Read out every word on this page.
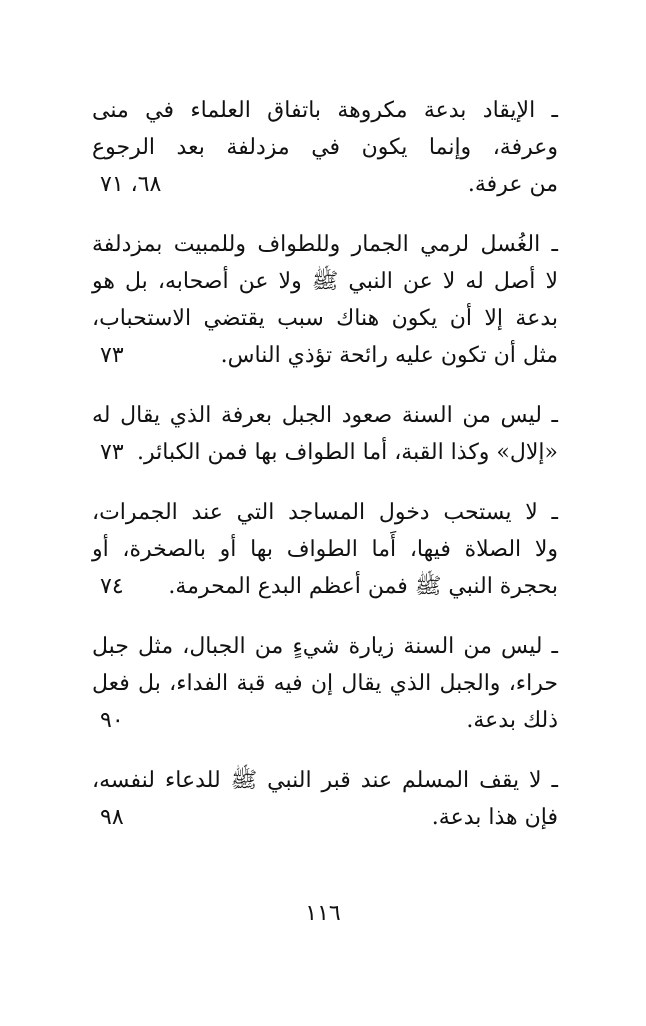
ـ الإيقاد بدعة مكروهة باتفاق العلماء في منى
وعرفة، وإنما يكون في مزدلفة بعد الرجوع
من عرفة.
٦٨، ٧١
ـ الغُسل لرمي الجمار وللطواف وللمبيت بمزدلفة
لا أصل له لا عن النبي ﷺ ولا عن أصحابه، بل هو
بدعة إلا أن يكون هناك سبب يقتضي الاستحباب،
مثل أن تكون عليه رائحة تؤذي الناس.
٧٣
ـ ليس من السنة صعود الجبل بعرفة الذي يقال له
«إلال» وكذا القبة، أما الطواف بها فمن الكبائر.
٧٣
ـ لا يستحب دخول المساجد التي عند الجمرات،
ولا الصلاة فيها، أَما الطواف بها أو بالصخرة، أو
بحجرة النبي ﷺ فمن أعظم البدع المحرمة.
٧٤
ـ ليس من السنة زيارة شيءٍ من الجبال، مثل جبل
حراء، والجبل الذي يقال إن فيه قبة الفداء، بل فعل
ذلك بدعة.
٩٠
ـ لا يقف المسلم عند قبر النبي ﷺ للدعاء لنفسه،
فإن هذا بدعة.
٩٨
١١٦
